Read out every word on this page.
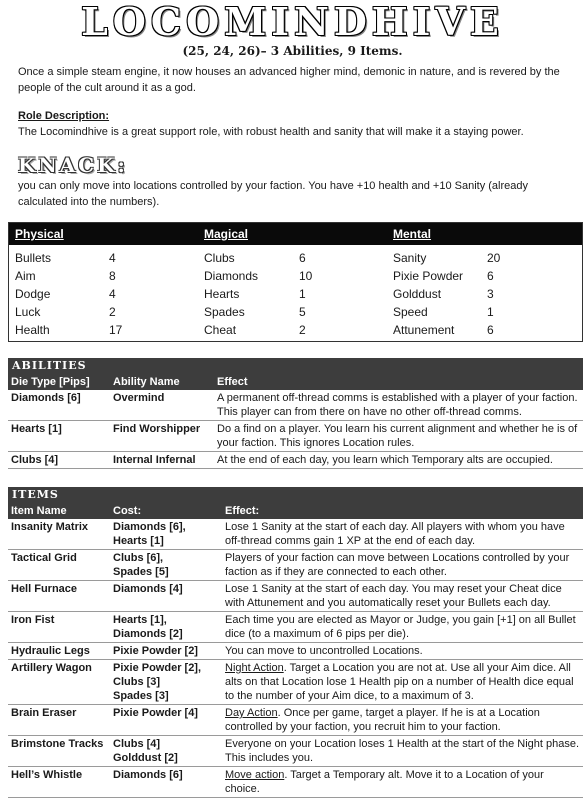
LOCOMINDHIVE
(25, 24, 26)– 3 Abilities, 9 Items.
Once a simple steam engine, it now houses an advanced higher mind, demonic in nature, and is revered by the people of the cult around it as a god.
Role Description:
The Locomindhive is a great support role, with robust health and sanity that will make it a staying power.
KNACK:
you can only move into locations controlled by your faction. You have +10 health and +10 Sanity (already calculated into the numbers).
Physical	Magical	Mental
Bullets	4	Clubs	6	Sanity	20
Aim	8	Diamonds	10	Pixie Powder 6
Dodge	4	Hearts	1	Golddust	3
Luck	2	Spades	5	Speed	1
Health	17	Cheat	2	Attunement	6
ABILITIES		
Die Type [Pips]	Ability Name	Effect
Diamonds [6]	Overmind	A permanent off-thread comms is established with a player of your faction. This player can from there on have no other off-thread comms.
Hearts [1]	Find Worshipper	Do a find on a player. You learn his current alignment and whether he is of your faction. This ignores Location rules.
Clubs [4]	Internal Infernal	At the end of each day, you learn which Temporary alts are occupied.
ITEMS		
Item Name	Cost:	Effect:
Insanity Matrix	Diamonds [6],
Hearts [1]	Lose 1 Sanity at the start of each day. All players with whom you have off-thread comms gain 1 XP at the end of each day.
Tactical Grid	Clubs [6],
Spades [5]	Players of your faction can move between Locations controlled by your faction as if they are connected to each other.
Hell Furnace	Diamonds [4]	Lose 1 Sanity at the start of each day. You may reset your Cheat dice with Attunement and you automatically reset your Bullets each day.
Iron Fist	Hearts [1],
Diamonds [2]	Each time you are elected as Mayor or Judge, you gain [+1] on all Bullet dice (to a maximum of 6 pips per die).
Hydraulic Legs	Pixie Powder [2]	You can move to uncontrolled Locations.
Artillery Wagon	Pixie Powder [2],
Clubs [3]
Spades [3]	Night Action. Target a Location you are not at. Use all your Aim dice. All alts on that Location lose 1 Health pip on a number of Health dice equal to the number of your Aim dice, to a maximum of 3.
Brain Eraser	Pixie Powder [4]	Day Action. Once per game, target a player. If he is at a Location controlled by your faction, you recruit him to your faction.
Brimstone Tracks	Clubs [4]
Golddust [2]	Everyone on your Location loses 1 Health at the start of the Night phase. This includes you.
Hell’s Whistle	Diamonds [6]	Move action. Target a Temporary alt. Move it to a Location of your choice.
